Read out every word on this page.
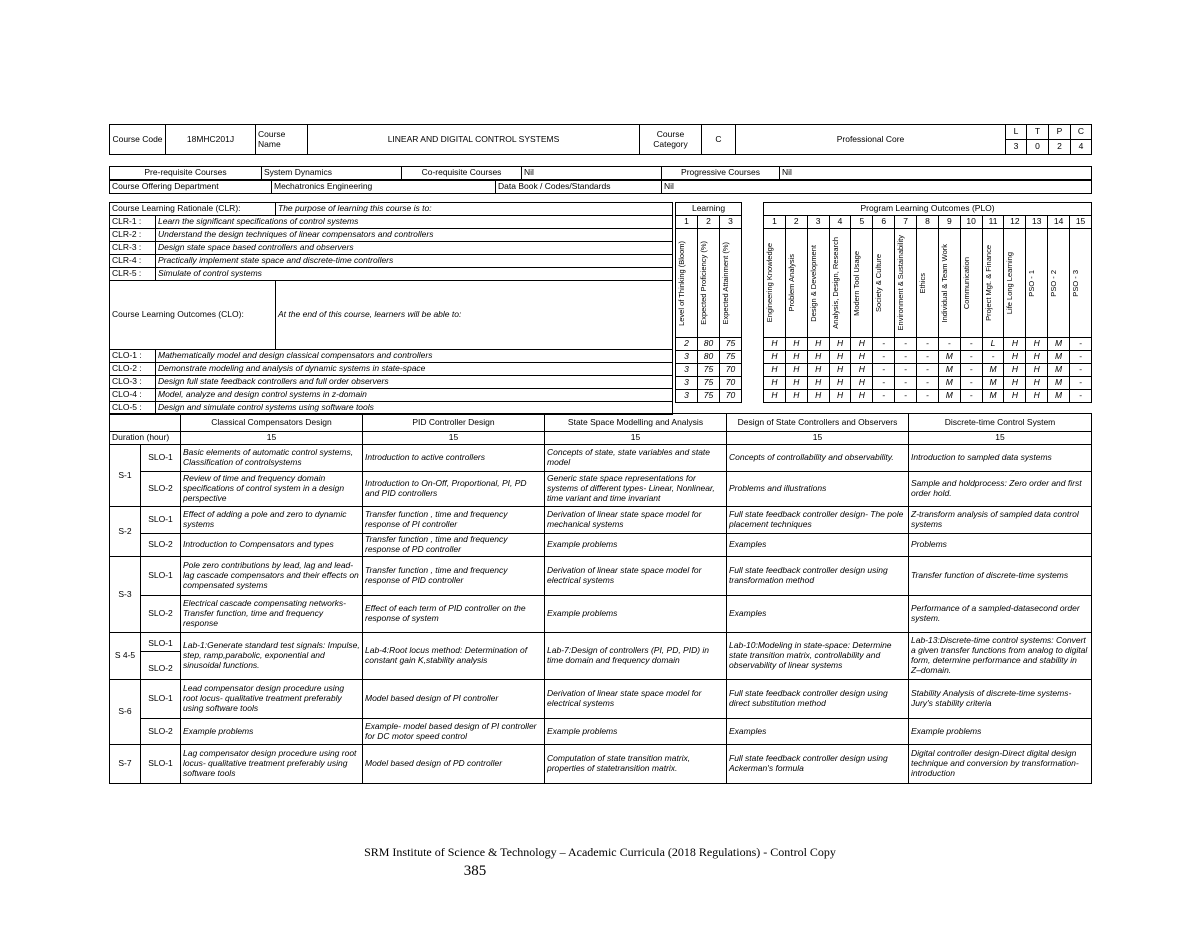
Course Code	18MHC201J	Course Name	LINEAR AND DIGITAL CONTROL SYSTEMS	Course Category	C	Professional Core	L	T	P	C
							3	0	2	4
Pre-requisite Courses	System Dynamics	Co-requisite Courses	Nil	Progressive Courses	Nil
Course Offering Department	Mechatronics Engineering	Data Book / Codes/Standards	Nil
Course Learning Rationale (CLR):		The purpose of learning this course is to:
CLR-1 :	Learn the significant specifications of control systems	
CLR-2 :	Understand the design techniques of linear compensators and controllers	
CLR-3 :	Design state space based controllers and observers	
CLR-4 :	Practically implement state space and discrete-time controllers	
CLR-5 :	Simulate of control systems	
Course Learning Outcomes (CLO):		At the end of this course, learners will be able to:
CLO-1 :	Mathematically model and design classical compensators and controllers	
CLO-2 :	Demonstrate modeling and analysis of dynamic systems in state-space	
CLO-3 :	Design full state feedback controllers and full order observers	
CLO-4 :	Model, analyze and design control systems in z-domain	
CLO-5 :	Design and simulate control systems using software tools	
Learning		
1	2	3

Level of Thinking (Bloom)	Expected Proficiency (%)	Expected Attainment (%)

2	80	75
3	80	75
3	75	70
3	75	70
3	75	70
Program Learning Outcomes (PLO)														
1	2	3	4	5	6	7	8	9	10	11	12	13	14	15

Engineering Knowledge	Problem Analysis	Design & Development	Analysis, Design, Research	Modern Tool Usage	Society & Culture	Environment & Sustainability	Ethics	Individual & Team Work	Communication	Project Mgt. & Finance	Life Long Learning	PSO - 1	PSO - 2	PSO - 3

H	H	H	H	H	-	-	-	-	-	L	H	H	M	-
H	H	H	H	H	-	-	-	M	-	-	H	H	M	-
H	H	H	H	H	-	-	-	M	-	M	H	H	M	-
H	H	H	H	H	-	-	-	M	-	M	H	H	M	-
H	H	H	H	H	-	-	-	M	-	M	H	H	M	-
		Classical Compensators Design	PID Controller Design	State Space Modelling and Analysis	Design of State Controllers and Observers	Discrete-time Control System
Duration (hour)		15	15	15	15	15
S-1	SLO-1	Basic elements of automatic control systems, Classification of controlsystems	Introduction to active controllers	Concepts of state, state variables and state model	Concepts of controllability and observability.	Introduction to sampled data systems
	SLO-2	Review of time and frequency domain specifications of control system in a design perspective	Introduction to On-Off, Proportional, PI, PD and PID controllers	Generic state space representations for systems of different types- Linear, Nonlinear, time variant and time invariant	Problems and illustrations	Sample and holdprocess: Zero order and first order hold.
S-2	SLO-1	Effect of adding a pole and zero to dynamic systems	Transfer function , time and frequency response of PI controller	Derivation of linear state space model for mechanical systems	Full state feedback controller design- The pole placement techniques	Z-transform analysis of sampled data control systems
	SLO-2	Introduction to Compensators and types	Transfer function , time and frequency response of PD controller	Example problems	Examples	Problems
S-3	SLO-1	Pole zero contributions by lead, lag and lead-lag cascade compensators and their effects on compensated systems	Transfer function , time and frequency response of PID controller	Derivation of linear state space model for electrical systems	Full state feedback controller design using transformation method	Transfer function of discrete-time systems
	SLO-2	Electrical cascade compensating networks- Transfer function, time and frequency response	Effect of each term of PID controller on the response of system	Example problems	Examples	Performance of a sampled-datasecond order system.
S 4-5	SLO-1
SLO-2	Lab-1:Generate standard test signals: Impulse, step, ramp,parabolic, exponential and sinusoidal functions.	Lab-4:Root locus method: Determination of constant gain K,stability analysis	Lab-7:Design of controllers (PI, PD, PID) in time domain and frequency domain	Lab-10:Modeling in state-space: Determine state transition matrix, controllability and observability of linear systems	Lab-13:Discrete-time control systems: Convert a given transfer functions from analog to digital form, determine performance and stability in Z–domain.
S-6	SLO-1	Lead compensator design procedure using root locus- qualitative treatment preferably using software tools	Model based design of PI controller	Derivation of linear state space model for electrical systems	Full state feedback controller design using direct substitution method	Stability Analysis of discrete-time systems- Jury's stability criteria
	SLO-2	Example problems	Example- model based design of PI controller for DC motor speed control	Example problems	Examples	Example problems
S-7	SLO-1	Lag compensator design procedure using root locus- qualitative treatment preferably using software tools	Model based design of PD controller	Computation of state transition matrix, properties of statetransition matrix.	Full state feedback controller design using Ackerman's formula	Digital controller design-Direct digital design technique and conversion by transformation-introduction
SRM Institute of Science & Technology – Academic Curricula (2018 Regulations) - Control Copy
385
